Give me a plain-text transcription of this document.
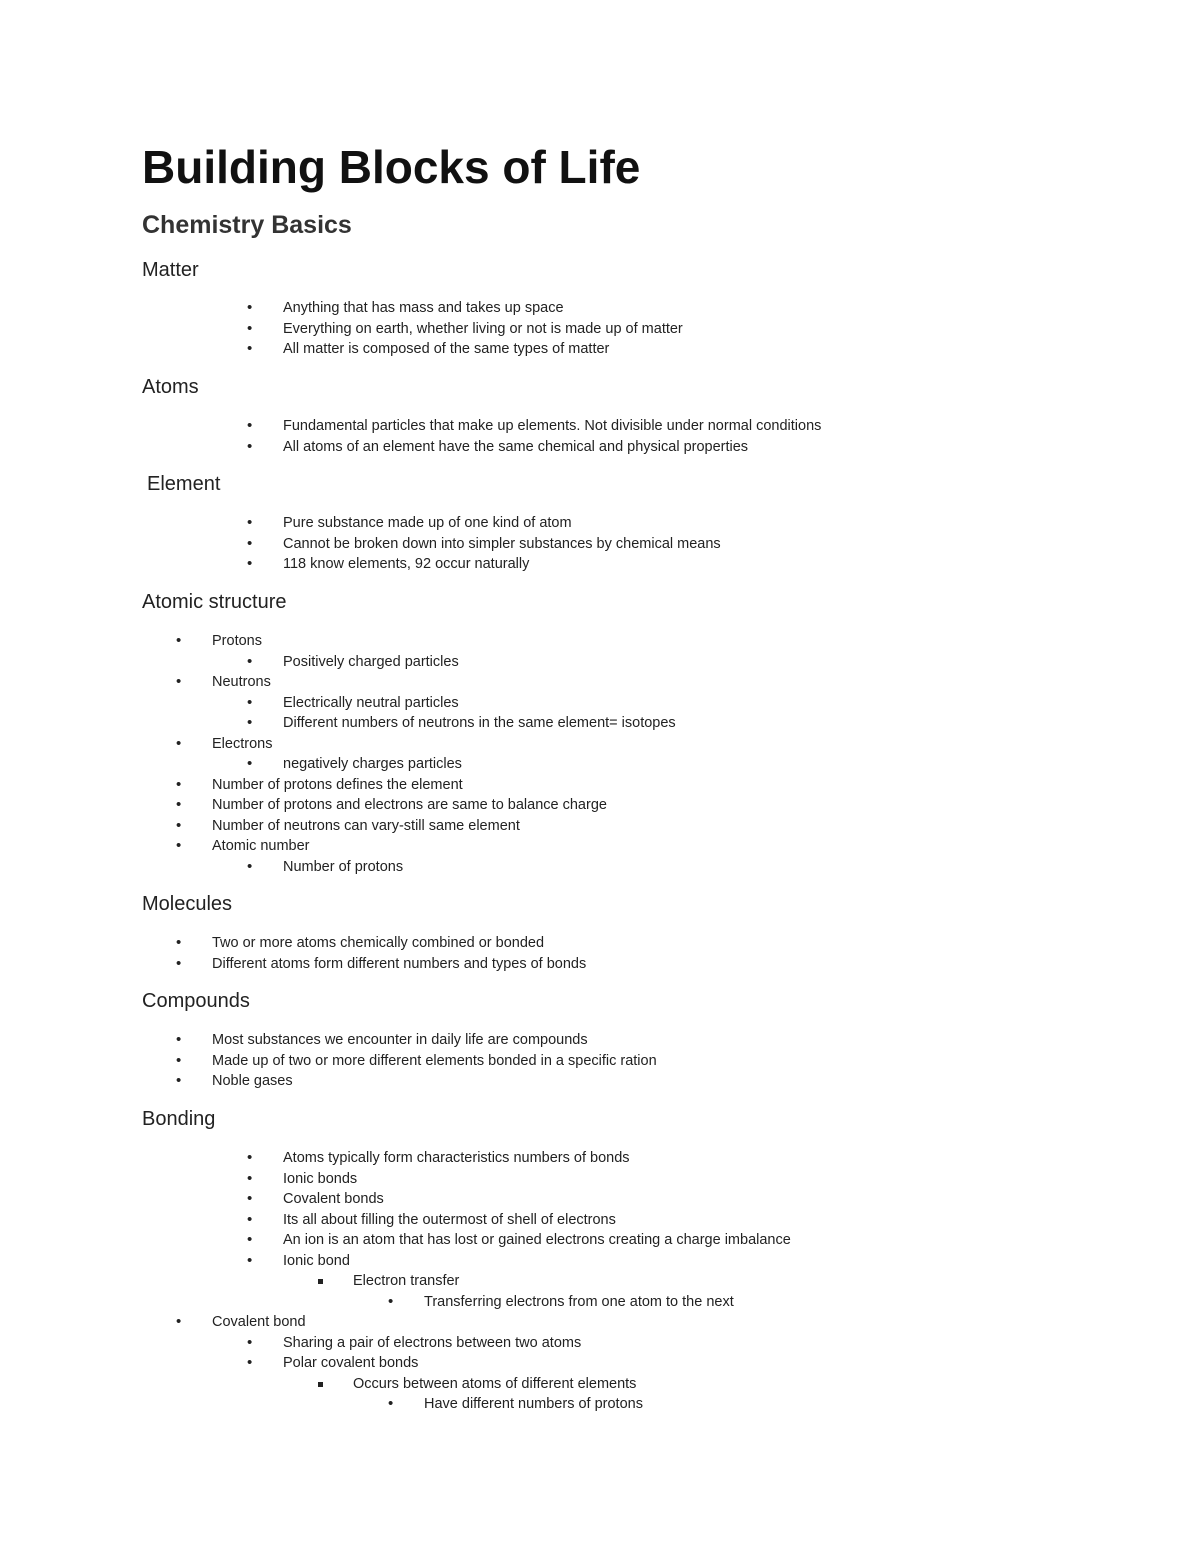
Building Blocks of Life
Chemistry Basics
Matter
• Anything that has mass and takes up space
• Everything on earth, whether living or not is made up of matter
• All matter is composed of the same types of matter
Atoms
• Fundamental particles that make up elements. Not divisible under normal conditions
• All atoms of an element have the same chemical and physical properties
Element
• Pure substance made up of one kind of atom
• Cannot be broken down into simpler substances by chemical means
• 118 know elements, 92 occur naturally
Atomic structure
• Protons
• Positively charged particles
• Neutrons
• Electrically neutral particles
• Different numbers of neutrons in the same element= isotopes
• Electrons
• negatively charges particles
• Number of protons defines the element
• Number of protons and electrons are same to balance charge
• Number of neutrons can vary-still same element
• Atomic number
• Number of protons
Molecules
• Two or more atoms chemically combined or bonded
• Different atoms form different numbers and types of bonds
Compounds
• Most substances we encounter in daily life are compounds
• Made up of two or more different elements bonded in a specific ration
• Noble gases
Bonding
• Atoms typically form characteristics numbers of bonds
• Ionic bonds
• Covalent bonds
• Its all about filling the outermost of shell of electrons
• An ion is an atom that has lost or gained electrons creating a charge imbalance
• Ionic bond
Electron transfer
• Transferring electrons from one atom to the next
• Covalent bond
• Sharing a pair of electrons between two atoms
• Polar covalent bonds
Occurs between atoms of different elements
• Have different numbers of protons
